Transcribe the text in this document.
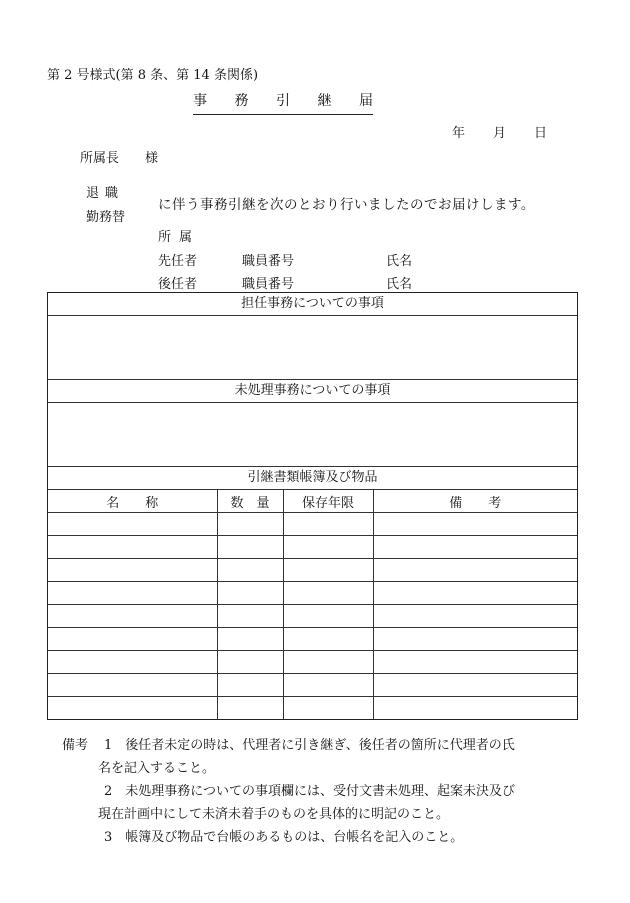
第 2 号様式(第 8 条、第 14 条関係)
事 務 引 継 届
年 月 日
所属長 様
退職
勤務替
に伴う事務引継を次のとおり行いましたのでお届けします。
所属
先任者	職員番号	氏名
後任者	職員番号	氏名
担任事務についての事項
未処理事務についての事項
引継書類帳簿及び物品
名　　称	数　量	保存年限	備　　考

備考 1　後任者未定の時は、代理者に引き継ぎ、後任者の箇所に代理者の氏
名を記入すること。
2　未処理事務についての事項欄には、受付文書未処理、起案未決及び
現在計画中にして未済未着手のものを具体的に明記のこと。
3　帳簿及び物品で台帳のあるものは、台帳名を記入のこと。
